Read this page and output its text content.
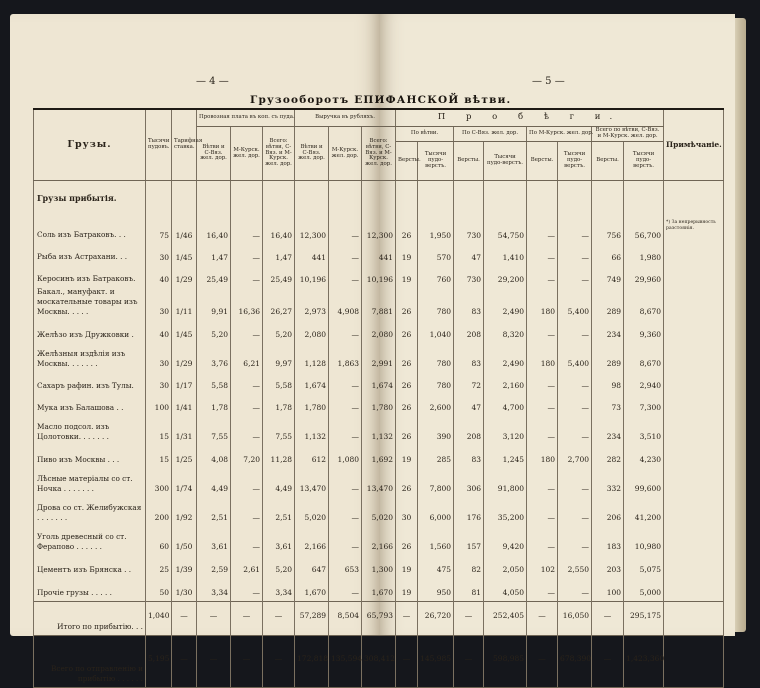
— 4 —	— 5 —
Грузооборотъ ЕПИФАНСКОЙ вѣтви.
Грузы.	Тысячи пудовъ.	Тарифная ставка.	Провозная плата въ коп. съ пуда.			Выручка въ рубляхъ.			П р о б ѣ г и.								Примѣчаніе.
			Вѣтви и С-Вяз. жел. дор.	М-Курск. жел. дор.	Всего: вѣтви, С-Вяз. и М-Курск. жел. дор.	Вѣтви и С-Вяз. жел. дор.	М-Курск. жел. дор.	Всего: вѣтви, С-Вяз. и М-Курск. жел. дор.	По вѣтви.		По С-Вяз. жел. дор.		По М-Курск. жел. дор.		Всего по вѣтви, С-Вяз. и М-Курск. жел. дор.		
									Версты.	Тысячи пудо-верстъ.	Версты.	Тысячи пудо-верстъ.	Версты.	Тысячи пудо-верстъ.	Версты.	Тысячи пудо-верстъ.	
Грузы прибытія.																	
Соль изъ Батраковъ. . .	75	1/46	16,40	—	16,40	12,300	—	12,300	26	1,950	730	54,750	—	—	756	56,700	*) За непрерывность разстоянія.
Рыба изъ Астрахани. . .	30	1/45	1,47	—	1,47	441	—	441	19	570	47	1,410	—	—	66	1,980	
Керосинъ изъ Батраковъ.	40	1/29	25,49	—	25,49	10,196	—	10,196	19	760	730	29,200	—	—	749	29,960	
Бакал., мануфакт. и москательные товары изъ Москвы. . . . .	30	1/11	9,91	16,36	26,27	2,973	4,908	7,881	26	780	83	2,490	180	5,400	289	8,670	
Желѣзо изъ Дружковки .	40	1/45	5,20	—	5,20	2,080	—	2,080	26	1,040	208	8,320	—	—	234	9,360	
Желѣзныя издѣлія изъ Москвы. . . . . . .	30	1/29	3,76	6,21	9,97	1,128	1,863	2,991	26	780	83	2,490	180	5,400	289	8,670	
Сахаръ рафин. изъ Тулы.	30	1/17	5,58	—	5,58	1,674	—	1,674	26	780	72	2,160	—	—	98	2,940	
Мука изъ Балашова . .	100	1/41	1,78	—	1,78	1,780	—	1,780	26	2,600	47	4,700	—	—	73	7,300	
Масло подсол. изъ Цолотовки. . . . . . .	15	1/31	7,55	—	7,55	1,132	—	1,132	26	390	208	3,120	—	—	234	3,510	
Пиво изъ Москвы . . .	15	1/25	4,08	7,20	11,28	612	1,080	1,692	19	285	83	1,245	180	2,700	282	4,230	
Лѣсные матеріалы со ст. Ночка . . . . . . .	300	1/74	4,49	—	4,49	13,470	—	13,470	26	7,800	306	91,800	—	—	332	99,600	
Дрова со ст. Желибужская . . . . . . .	200	1/92	2,51	—	2,51	5,020	—	5,020	30	6,000	176	35,200	—	—	206	41,200	
Уголь древесный со ст. Ферапово . . . . . .	60	1/50	3,61	—	3,61	2,166	—	2,166	26	1,560	157	9,420	—	—	183	10,980	
Цементъ изъ Брянска . .	25	1/39	2,59	2,61	5,20	647	653	1,300	19	475	82	2,050	102	2,550	203	5,075	
Прочіе грузы . . . . .	50	1/30	3,34	—	3,34	1,670	—	1,670	19	950	81	4,050	—	—	100	5,000	
Итого по прибытію. . .	1,040	—	—	—	—	57,289	8,504	65,793	—	26,720	—	252,405	—	16,050	—	295,175	
Всего по отправленію и прибытію . . . . . .	5,195	—	—	—	—	172,818	135,594	308,412	—	145,985	—	598,985	—	678,390	—	1,423,360	
